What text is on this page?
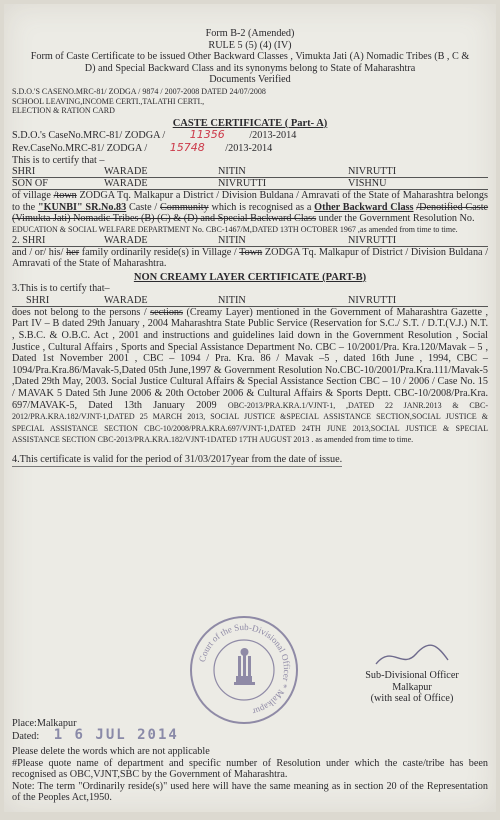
Form B-2 (Amended)

RULE 5 (5) (4) (IV)

Form of Caste Certificate to be issued Other Backward Classes , Vimukta Jati (A) Nomadic Tribes (B , C & D) and Special Backward Class and its synonyms belong to State of Maharashtra

Documents Verified

S.D.O.'S CASENO.MRC-81/ ZODGA / 9874 / 2007-2008 DATED 24/07/2008

SCHOOL LEAVING,INCOME CERTI.,TALATHI CERTI.,

ELECTION & RATION CARD

CASTE CERTIFICATE ( Part- A)

S.D.O.'s CaseNo.MRC-81/ ZODGA / 11356 /2013-2014

Rev.CaseNo.MRC-81/ ZODGA / 15748 /2013-2014

This is to certify that –

SHRI	WARADE	NITIN	NIVRUTTI
SON OF	WARADE	NIVRUTTI	VISHNU

of village /town ZODGA Tq. Malkapur a District / Division Buldana / Amravati of the State of Maharashtra belongs to the "KUNBI" SR.No.83 Caste / Community which is recognised as a Other Backward Class /Denotified Caste (Vimukta Jati) Nomadic Tribes (B) (C) & (D) and Special Backward Class under the Government Resolution No.

EDUCATION & SOCIAL WELFARE DEPARTMENT No. CBC-1467/M,DATED 13TH OCTOBER 1967 ,as amended from time to time.

2. SHRI	WARADE	NITIN	NIVRUTTI

and / or/ his/ her family ordinarily reside(s) in Village / Town ZODGA Tq. Malkapur of District / Division Buldana / Amravati of the State of Maharashtra.

NON CREAMY LAYER CERTIFICATE (PART-B)

3.This is to certify that–

SHRI	WARADE	NITIN	NIVRUTTI

does not belong to the persons / sections (Creamy Layer) mentioned in the Government of Maharashtra Gazette , Part IV – B dated 29th January , 2004 Maharashtra State Public Service (Reservation for S.C./ S.T. / D.T.(V.J.) N.T. , S.B.C. & O.B.C. Act , 2001 and instructions and guidelines laid down in the Government Resolution , Social Justice , Cultural Affairs , Sports and Special Assistance Department No. CBC – 10/2001/Pra. Kra.120/Mavak – 5 , Dated 1st November 2001 , CBC – 1094 / Pra. Kra. 86 / Mavak –5 , dated 16th June , 1994, CBC – 1094/Pra.Kra.86/Mavak-5,Dated 05th June,1997 & Government Resolution No.CBC-10/2001/Pra.Kra.111/Mavak-5 ,Dated 29th May, 2003. Social Justice Cultural Affairs & Special Assistance Section CBC – 10 / 2006 / Case No. 15 / MAVAK 5 Dated 5th June 2006 & 20th October 2006 & Cultural Affairs & Sports Deptt. CBC-10/2008/Pra.Kra. 697/MAVAK-5, Dated 13th January 2009 OBC-2013/PRA.KRA.1/VJNT-1, ,DATED 22 JANR.2013 & CBC-2012/PRA.KRA.182/VJNT-1,DATED 25 MARCH 2013, SOCIAL JUSTICE &SPECIAL ASSISTANCE SECTION,SOCIAL JUSTICE & SPECIAL ASSISTANCE SECTION CBC-10/2008/PRA.KRA.697/VJNT-1,DATED 24TH JUNE 2013,SOCIAL JUSTICE & SPECIAL ASSISTANCE SECTION CBC-2013/PRA.KRA.182/VJNT-1DATED 17TH AUGUST 2013 . as amended from time to time.

4.This certificate is valid for the period of 31/03/2017year from the date of issue.

Place:Malkapur

Dated: 1 6 JUL 2014

Sub-Divisional Officer

Malkapur

(with seal of Office)

Court of the Sub-Divisional Officer * Malkapur

Please delete the words which are not applicable

#Please quote name of department and specific number of Resolution under which the caste/tribe has been recognised as OBC,VJNT,SBC by the Government of Maharashtra.

Note: The term "Ordinarily reside(s)" used here will have the same meaning as in section 20 of the Representation of the Peoples Act,1950.
